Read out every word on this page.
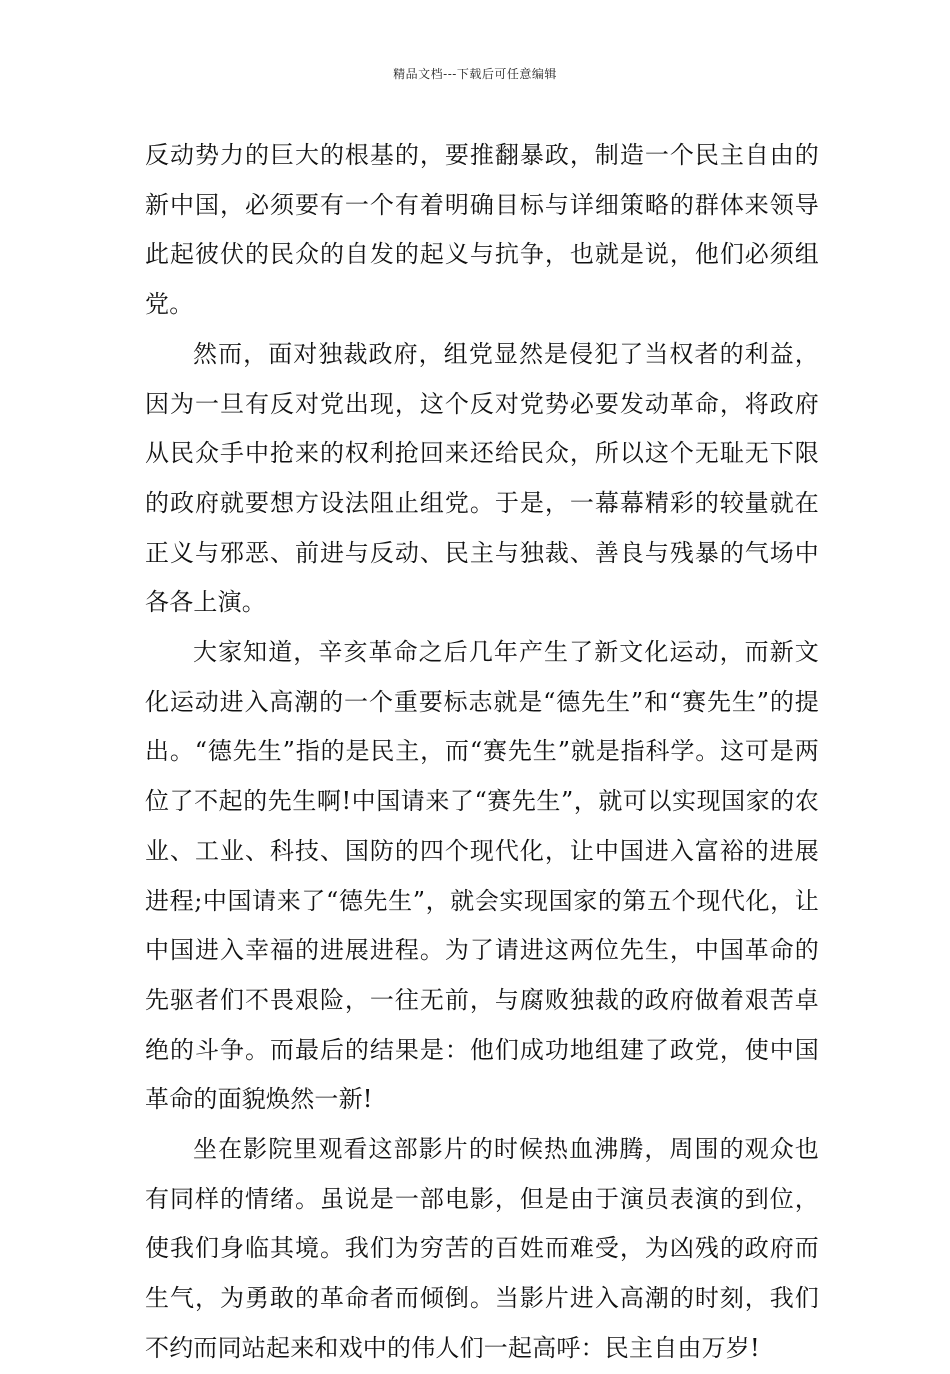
精品文档---下载后可任意编辑

反动势力的巨大的根基的，要推翻暴政，制造一个民主自由的新中国，必须要有一个有着明确目标与详细策略的群体来领导此起彼伏的民众的自发的起义与抗争，也就是说，他们必须组党。

然而，面对独裁政府，组党显然是侵犯了当权者的利益，因为一旦有反对党出现，这个反对党势必要发动革命，将政府从民众手中抢来的权利抢回来还给民众，所以这个无耻无下限的政府就要想方设法阻止组党。于是，一幕幕精彩的较量就在正义与邪恶、前进与反动、民主与独裁、善良与残暴的气场中各各上演。

大家知道，辛亥革命之后几年产生了新文化运动，而新文化运动进入高潮的一个重要标志就是“德先生”和“赛先生”的提出。“德先生”指的是民主，而“赛先生”就是指科学。这可是两位了不起的先生啊!中国请来了“赛先生”，就可以实现国家的农业、工业、科技、国防的四个现代化，让中国进入富裕的进展进程;中国请来了“德先生”，就会实现国家的第五个现代化，让中国进入幸福的进展进程。为了请进这两位先生，中国革命的先驱者们不畏艰险，一往无前，与腐败独裁的政府做着艰苦卓绝的斗争。而最后的结果是：他们成功地组建了政党，使中国革命的面貌焕然一新!

坐在影院里观看这部影片的时候热血沸腾，周围的观众也有同样的情绪。虽说是一部电影，但是由于演员表演的到位，使我们身临其境。我们为穷苦的百姓而难受，为凶残的政府而生气，为勇敢的革命者而倾倒。当影片进入高潮的时刻，我们不约而同站起来和戏中的伟人们一起高呼：民主自由万岁!
